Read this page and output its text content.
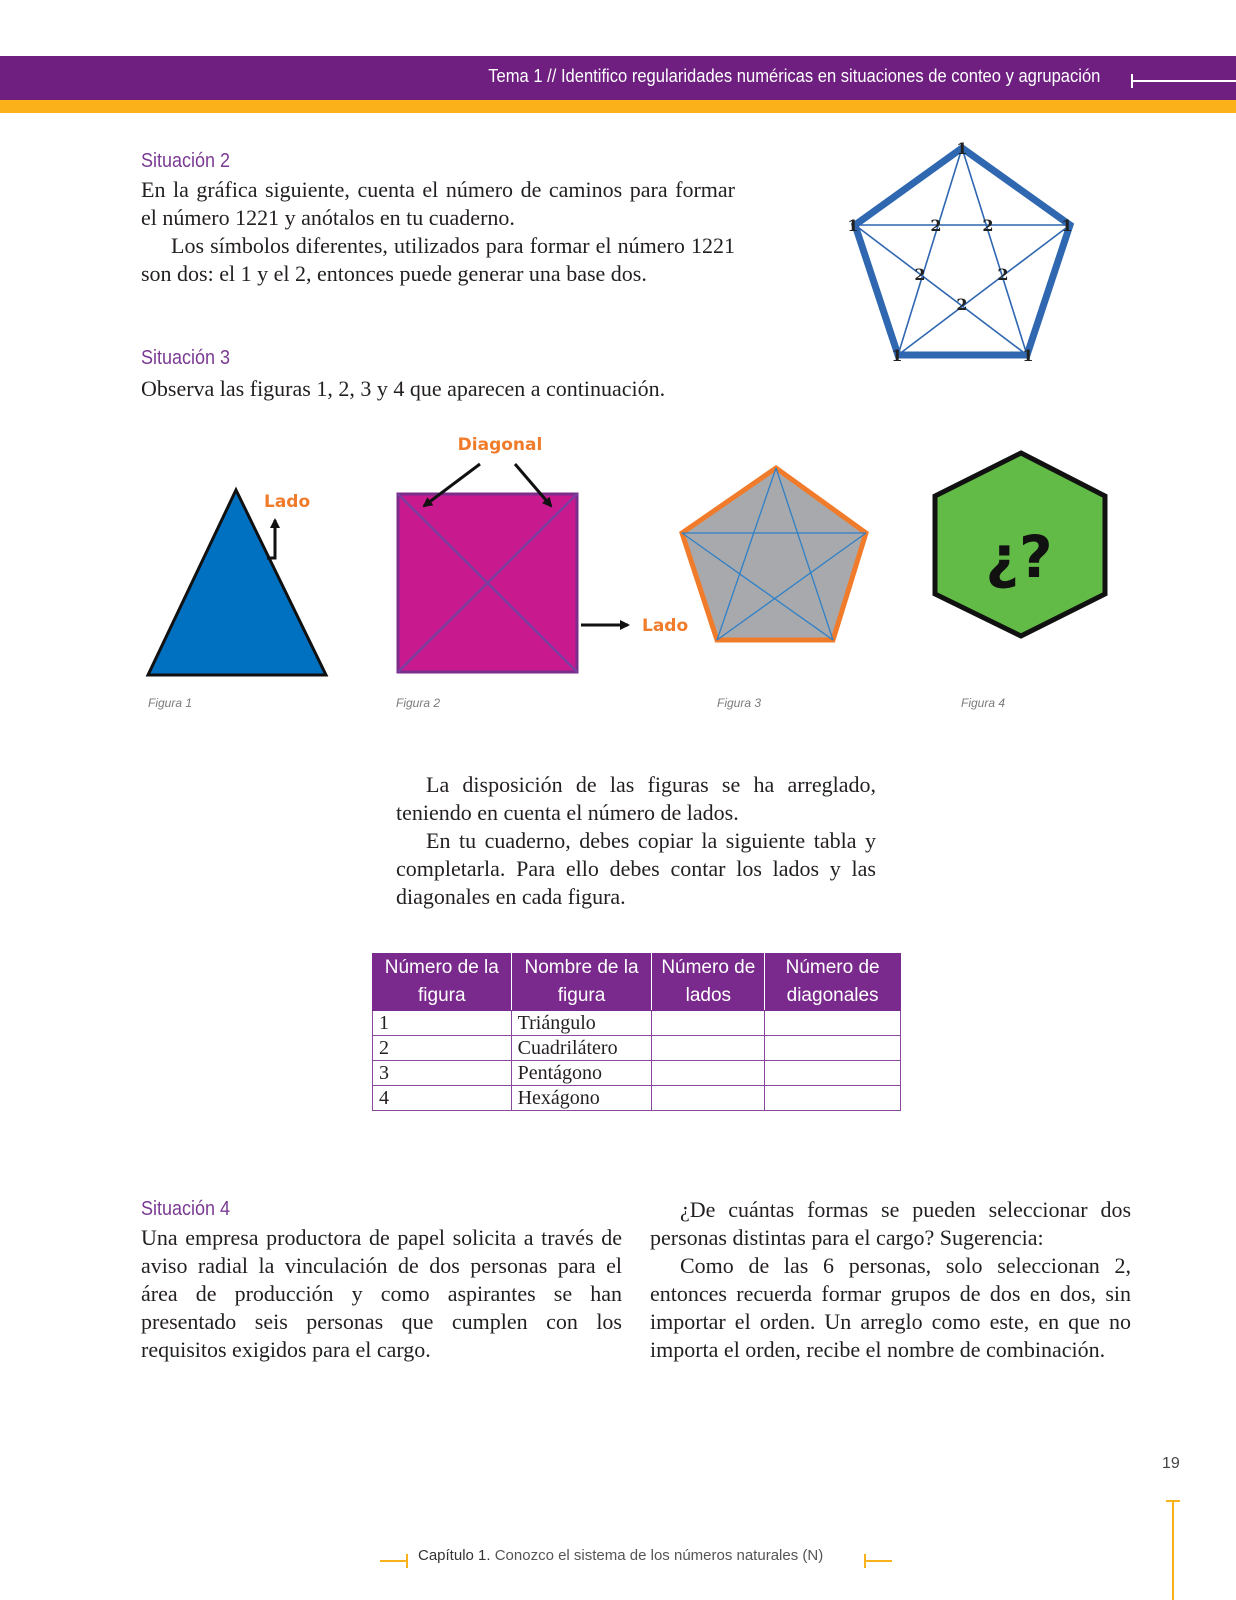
Tema 1 // Identifico regularidades numéricas en situaciones de conteo y agrupación
Situación 2
En la gráfica siguiente, cuenta el número de caminos para formar el número 1221 y anótalos en tu cuaderno.
Los símbolos diferentes, utilizados para formar el número 1221 son dos: el 1 y el 2, entonces puede generar una base dos.
1
1	1
1	1
2	2
2	2
2
Situación 3
Observa las figuras 1, 2, 3 y 4 que aparecen a continuación.
Lado
Diagonal
Lado
¿?
Figura 1	Figura 2	Figura 3	Figura 4
La disposición de las figuras se ha arreglado, teniendo en cuenta el número de lados.
En tu cuaderno, debes copiar la siguiente tabla y completarla. Para ello debes contar los lados y las diagonales en cada figura.
Número de la figura	Nombre de la figura	Número de lados	Número de diagonales
1	Triángulo		
2	Cuadrilátero		
3	Pentágono		
4	Hexágono		
Situación 4
Una empresa productora de papel solicita a través de aviso radial la vinculación de dos personas para el área de producción y como aspirantes se han presentado seis personas que cumplen con los requisitos exigidos para el cargo.
¿De cuántas formas se pueden seleccionar dos personas distintas para el cargo? Sugerencia:
Como de las 6 personas, solo seleccionan 2, entonces recuerda formar grupos de dos en dos, sin importar el orden. Un arreglo como este, en que no importa el orden, recibe el nombre de combinación.
19
Capítulo 1. Conozco el sistema de los números naturales (N)
